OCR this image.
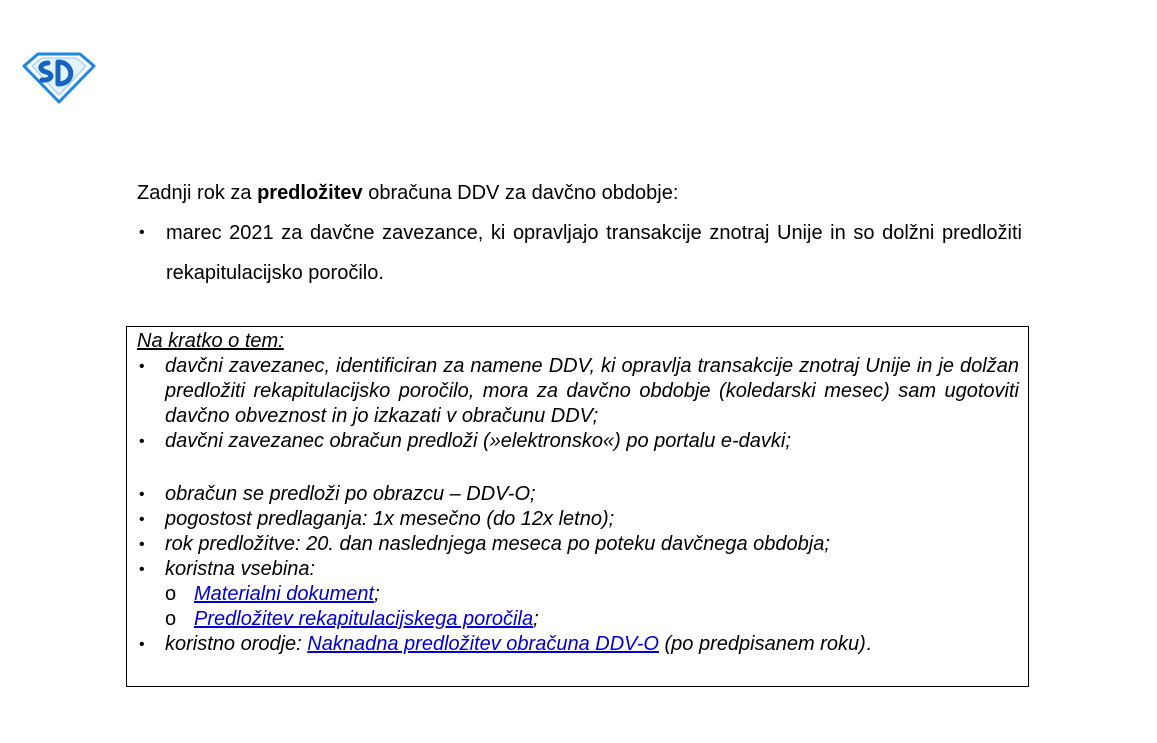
Zadnji rok za predložitev obračuna DDV za davčno obdobje:

• marec 2021 za davčne zavezance, ki opravljajo transakcije znotraj Unije in so dolžni predložiti rekapitulacijsko poročilo.

Na kratko o tem:

• davčni zavezanec, identificiran za namene DDV, ki opravlja transakcije znotraj Unije in je dolžan predložiti rekapitulacijsko poročilo, mora za davčno obdobje (koledarski mesec) sam ugotoviti davčno obveznost in jo izkazati v obračunu DDV;
• davčni zavezanec obračun predloži (»elektronsko«) po portalu e-davki;
• obračun se predloži po obrazcu – DDV-O;
• pogostost predlaganja: 1x mesečno (do 12x letno);
• rok predložitve: 20. dan naslednjega meseca po poteku davčnega obdobja;
• koristna vsebina:
o Materialni dokument;
o Predložitev rekapitulacijskega poročila;
• koristno orodje: Naknadna predložitev obračuna DDV-O (po predpisanem roku).
